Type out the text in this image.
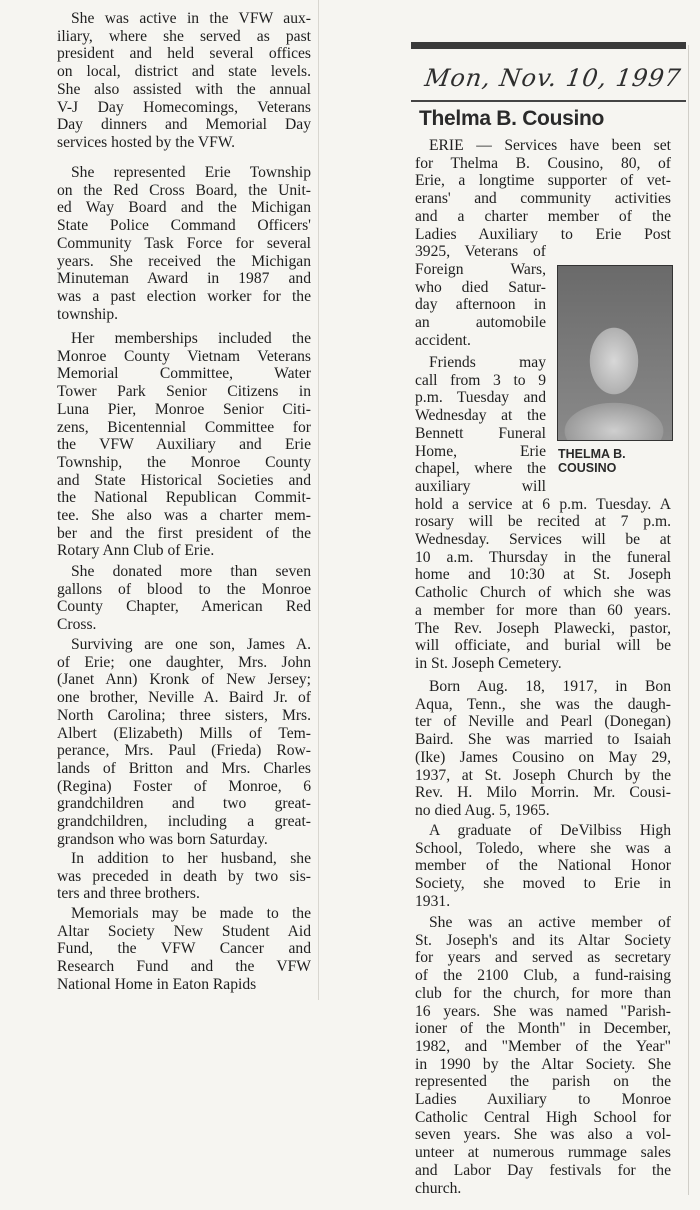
She was active in the VFW aux-
iliary, where she served as past
president and held several offices
on local, district and state levels.
She also assisted with the annual
V-J Day Homecomings, Veterans
Day dinners and Memorial Day
services hosted by the VFW.
She represented Erie Township
on the Red Cross Board, the Unit-
ed Way Board and the Michigan
State Police Command Officers'
Community Task Force for several
years. She received the Michigan
Minuteman Award in 1987 and
was a past election worker for the
township.
Her memberships included the
Monroe County Vietnam Veterans
Memorial Committee, Water
Tower Park Senior Citizens in
Luna Pier, Monroe Senior Citi-
zens, Bicentennial Committee for
the VFW Auxiliary and Erie
Township, the Monroe County
and State Historical Societies and
the National Republican Commit-
tee. She also was a charter mem-
ber and the first president of the
Rotary Ann Club of Erie.
She donated more than seven
gallons of blood to the Monroe
County Chapter, American Red
Cross.
Surviving are one son, James A.
of Erie; one daughter, Mrs. John
(Janet Ann) Kronk of New Jersey;
one brother, Neville A. Baird Jr. of
North Carolina; three sisters, Mrs.
Albert (Elizabeth) Mills of Tem-
perance, Mrs. Paul (Frieda) Row-
lands of Britton and Mrs. Charles
(Regina) Foster of Monroe, 6
grandchildren and two great-
grandchildren, including a great-
grandson who was born Saturday.
In addition to her husband, she
was preceded in death by two sis-
ters and three brothers.
Memorials may be made to the
Altar Society New Student Aid
Fund, the VFW Cancer and
Research Fund and the VFW
National Home in Eaton Rapids
Mon, Nov. 10, 1997
Thelma B. Cousino
THELMA B.
COUSINO
ERIE — Services have been set
for Thelma B. Cousino, 80, of
Erie, a longtime supporter of vet-
erans' and community activities
and a charter member of the
Ladies Auxiliary to Erie Post
3925, Veterans of
Foreign Wars,
who died Satur-
day afternoon in
an automobile
accident.
Friends may
call from 3 to 9
p.m. Tuesday and
Wednesday at the
Bennett Funeral
Home, Erie
chapel, where the
auxiliary will
hold a service at 6 p.m. Tuesday. A
rosary will be recited at 7 p.m.
Wednesday. Services will be at
10 a.m. Thursday in the funeral
home and 10:30 at St. Joseph
Catholic Church of which she was
a member for more than 60 years.
The Rev. Joseph Plawecki, pastor,
will officiate, and burial will be
in St. Joseph Cemetery.
Born Aug. 18, 1917, in Bon
Aqua, Tenn., she was the daugh-
ter of Neville and Pearl (Donegan)
Baird. She was married to Isaiah
(Ike) James Cousino on May 29,
1937, at St. Joseph Church by the
Rev. H. Milo Morrin. Mr. Cousi-
no died Aug. 5, 1965.
A graduate of DeVilbiss High
School, Toledo, where she was a
member of the National Honor
Society, she moved to Erie in
1931.
She was an active member of
St. Joseph's and its Altar Society
for years and served as secretary
of the 2100 Club, a fund-raising
club for the church, for more than
16 years. She was named "Parish-
ioner of the Month" in December,
1982, and "Member of the Year"
in 1990 by the Altar Society. She
represented the parish on the
Ladies Auxiliary to Monroe
Catholic Central High School for
seven years. She was also a vol-
unteer at numerous rummage sales
and Labor Day festivals for the
church.
